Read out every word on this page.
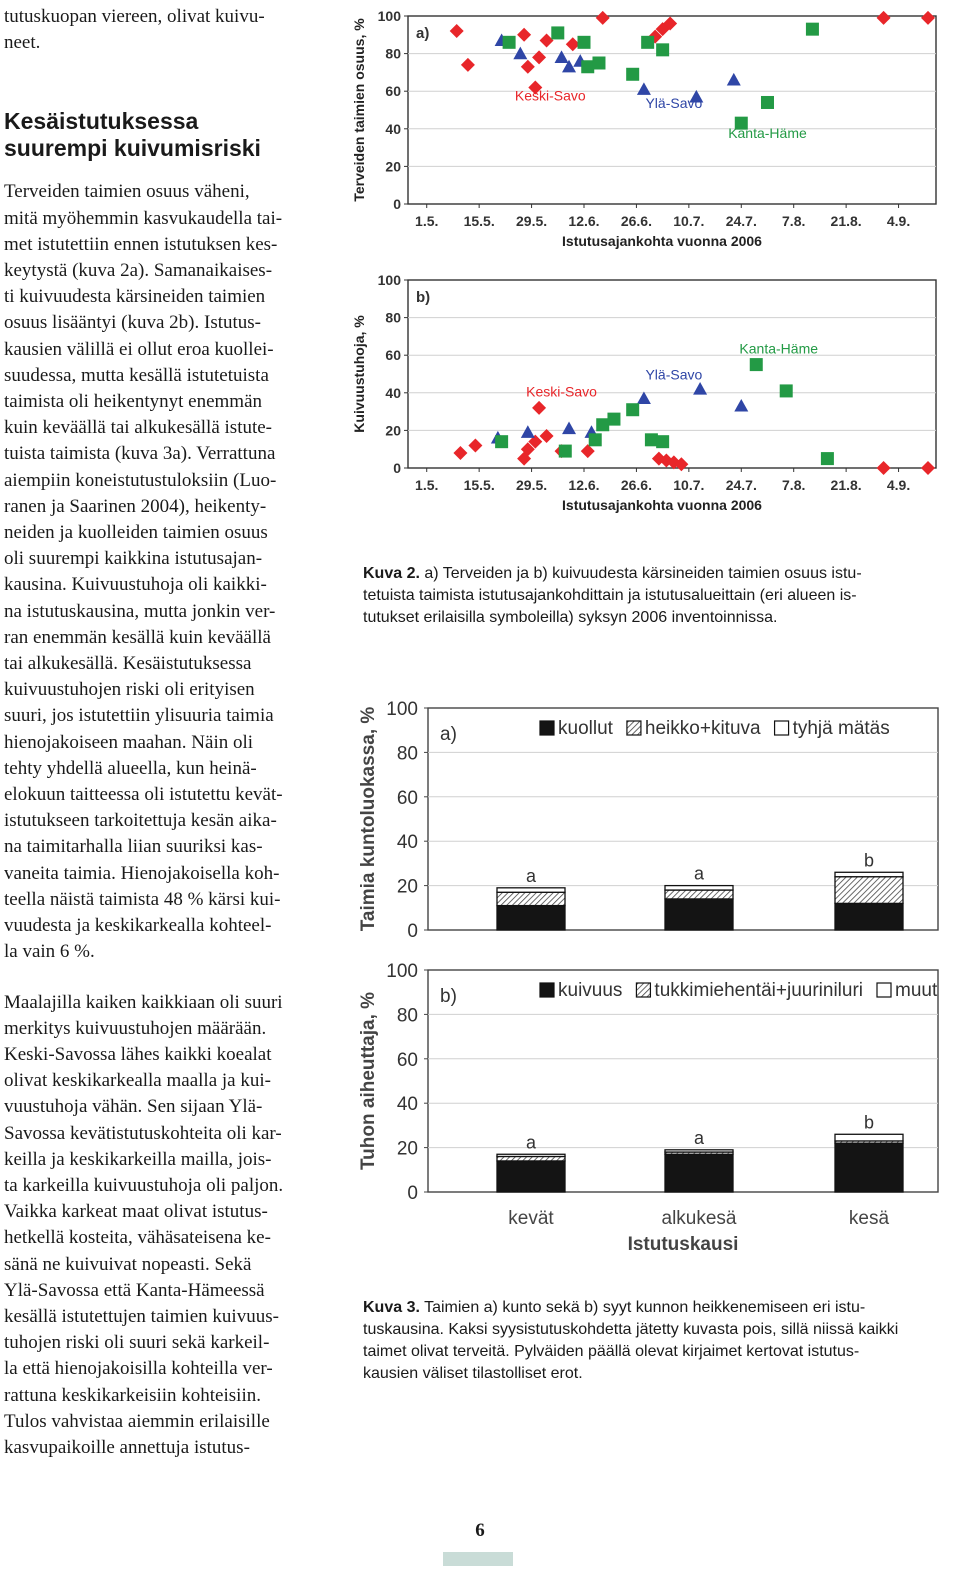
tutuskuopan viereen, olivat kuivu-

neet.

Kesäistutuksessa

suurempi kuivumisriski

Terveiden taimien osuus väheni,

mitä myöhemmin kasvukaudella tai-

met istutettiin ennen istutuksen kes-

keytystä (kuva 2a). Samanaikaises-

ti kuivuudesta kärsineiden taimien

osuus lisääntyi (kuva 2b). Istutus-

kausien välillä ei ollut eroa kuollei-

suudessa, mutta kesällä istutetuista

taimista oli heikentynyt enemmän

kuin keväällä tai alkukesällä istute-

tuista taimista (kuva 3a). Verrattuna

aiempiin koneistutustuloksiin (Luo-

ranen ja Saarinen 2004), heikenty-

neiden ja kuolleiden taimien osuus

oli suurempi kaikkina istutusajan-

kausina. Kuivuustuhoja oli kaikki-

na istutuskausina, mutta jonkin ver-

ran enemmän kesällä kuin keväällä

tai alkukesällä. Kesäistutuksessa

kuivuustuhojen riski oli erityisen

suuri, jos istutettiin ylisuuria taimia

hienojakoiseen maahan. Näin oli

tehty yhdellä alueella, kun heinä-

elokuun taitteessa oli istutettu kevät-

istutukseen tarkoitettuja kesän aika-

na taimitarhalla liian suuriksi kas-

vaneita taimia. Hienojakoisella koh-

teella näistä taimista 48 % kärsi kui-

vuudesta ja keskikarkealla kohteel-

la vain 6 %.

Maalajilla kaiken kaikkiaan oli suuri

merkitys kuivuustuhojen määrään.

Keski-Savossa lähes kaikki koealat

olivat keskikarkealla maalla ja kui-

vuustuhoja vähän. Sen sijaan Ylä-

Savossa kevätistutuskohteita oli kar-

keilla ja keskikarkeilla mailla, jois-

ta karkeilla kuivuustuhoja oli paljon.

Vaikka karkeat maat olivat istutus-

hetkellä kosteita, vähäsateisena ke-

sänä ne kuivuivat nopeasti. Sekä

Ylä-Savossa että Kanta-Hämeessä

kesällä istutettujen taimien kuivuus-

tuhojen riski oli suuri sekä karkeil-

la että hienojakoisilla kohteilla ver-

rattuna keskikarkeisiin kohteisiin.

Tulos vahvistaa aiemmin erilaisille

kasvupaikoille annettuja istutus-

0
20
40
60
80
100
1.5. 15.5. 29.5. 12.6. 26.6. 10.7. 24.7. 7.8. 21.8. 4.9.
a)
Istutusajankohta vuonna 2006
Terveiden taimien osuus, %	Keski-Savo	Ylä-Savo
Kanta-Häme
0
20
40
60
80
100
1.5. 15.5. 29.5. 12.6. 26.6. 10.7. 24.7. 7.8. 21.8. 4.9.
b)
Istutusajankohta vuonna 2006
Kuivuustuhoja, %	Keski-Savo
Ylä-Savo
Kanta-Häme

Kuva 2. a) Terveiden ja b) kuivuudesta kärsineiden taimien osuus istu-
tetuista taimista istutusajankohdittain ja istutusalueittain (eri alueen is-
tutukset erilaisilla symboleilla) syksyn 2006 inventoinnissa.

0
20
40
60
80
100
a)
Taimia kuntoluokassa, %	kuollut heikko+kituva tyhjä mätäs
a	a
b
0
20
40
60
80
100
b)
Tuhon aiheuttaja, %
kuivuus tukkimiehentäi+juurinilurі muut
a
kevät
a
alkukesä
b
kesä
Istutuskausi

Kuva 3. Taimien a) kunto sekä b) syyt kunnon heikkenemiseen eri istu-
tuskausina. Kaksi syysistutuskohdetta jätetty kuvasta pois, sillä niissä kaikki
taimet olivat terveitä. Pylväiden päällä olevat kirjaimet kertovat istutus-
kausien väliset tilastolliset erot.

6
